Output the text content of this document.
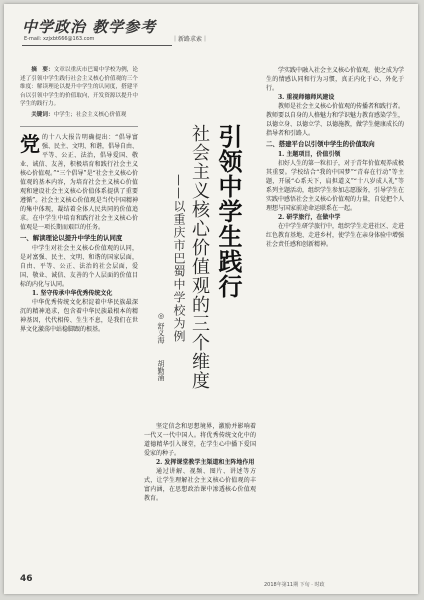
中学政治 教学参考
E-mail: xzjxbt666@163.com	｜新路求索｜

摘　要：文章以重庆市巴蜀中学校为例，论述了引领中学生践行社会主义核心价值观的三个维度：解读理论以提升中学生的认同度，搭建平台以引领中学生的价值取向，开发资源以提升中学生的践行力。

关键词：中学生；社会主义核心价值观

党的十八大报告明确提出：“倡导富强、民主、文明、和谐，倡导自由、平等、公正、法治，倡导爱国、敬业、诚信、友善，积极培育和践行社会主义核心价值观。”“三个倡导”是“社会主义核心价值观的基本内容，为培育社会主义核心价值观和建设社会主义核心价值体系提供了重要遵循”。社会主义核心价值观是当代中国精神的集中体现，凝结着全体人民共同的价值追求。在中学生中培育和践行社会主义核心价值观是一项长期而艰巨的任务。

一、解读理论以提升中学生的认同度

中学生对社会主义核心价值观的认同，是对富强、民主、文明、和谐的国家层面，自由、平等、公正、法治的社会层面，爱国、敬业、诚信、友善的个人层面的价值目标的内化与认同。

1. 坚守传承中华优秀传统文化

中华优秀传统文化积淀着中华民族最深沉的精神追求，包含着中华民族最根本的精神基因，代代相传、生生不息，是我们在世界文化激荡中站稳脚跟的根基。

引领中学生践行
社会主义核心价值观的三个维度
——以重庆市巴蜀中学校为例
◎ 舒义海
胡勤涌

坚定信念和思想境界，激励并影响着一代又一代中国人。将优秀传统文化中的道德精华引入课堂，在学生心中播下爱国爱家的种子。

2. 发挥课堂教学主渠道和主阵地作用

通过讲解、视频、图片、讲述等方式，让学生理解社会主义核心价值观的丰富内涵，在思想政治课中渗透核心价值观教育。

学实践中融入社会主义核心价值观，使之成为学生的情感认同和行为习惯，真正内化于心、外化于行。

3. 重视师德师风建设

教师是社会主义核心价值观的传播者和践行者。教师要以自身的人格魅力和学识魅力教育感染学生，以德立身、以德立学、以德施教，做学生健康成长的指导者和引路人。

二、搭建平台以引领中学生的价值取向

1. 主题项目，价值引领

扣好人生的第一粒扣子，对于青年价值观养成极其重要。学校结合“我的中国梦”“青春在行动”等主题，开展“心系天下，肩担道义”“十八岁成人礼”等系列主题活动，组织学生参加志愿服务，引导学生在实践中感悟社会主义核心价值观的力量，自觉把个人理想与国家前途命运联系在一起。

2. 研学旅行，在做中学

在中学生研学旅行中，组织学生走进社区、走进红色教育基地、走进乡村，使学生在亲身体验中增强社会责任感和创新精神。

46
2018年第11期 下旬 · 时政
